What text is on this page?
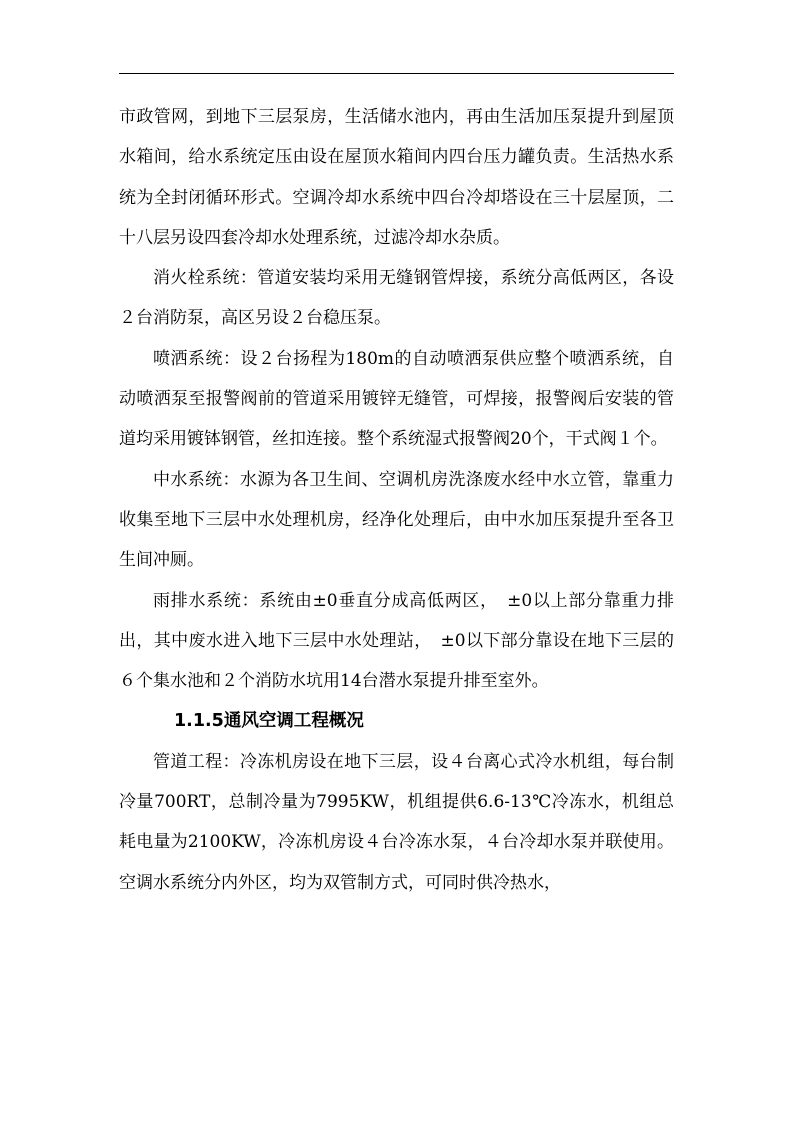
市政管网，到地下三层泵房，生活储水池内，再由生活加压泵提升到屋顶水箱间，给水系统定压由设在屋顶水箱间内四台压力罐负责。生活热水系统为全封闭循环形式。空调冷却水系统中四台冷却塔设在三十层屋顶，二十八层另设四套冷却水处理系统，过滤冷却水杂质。

消火栓系统：管道安装均采用无缝钢管焊接，系统分高低两区，各设２台消防泵，高区另设２台稳压泵。

喷洒系统：设２台扬程为180m的自动喷洒泵供应整个喷洒系统，自动喷洒泵至报警阀前的管道采用镀锌无缝管，可焊接，报警阀后安装的管道均采用镀钵钢管，丝扣连接。整个系统湿式报警阀20个，干式阀１个。

中水系统：水源为各卫生间、空调机房洗涤废水经中水立管，靠重力收集至地下三层中水处理机房，经净化处理后，由中水加压泵提升至各卫生间冲厕。

雨排水系统：系统由±0垂直分成高低两区，　±0以上部分靠重力排出，其中废水进入地下三层中水处理站，　±0以下部分靠设在地下三层的６个集水池和２个消防水坑用14台潜水泵提升排至室外。

1.1.5通风空调工程概况

管道工程：冷冻机房设在地下三层，设４台离心式冷水机组，每台制冷量700RT，总制冷量为7995KW，机组提供6.6-13℃冷冻水，机组总耗电量为2100KW，冷冻机房设４台冷冻水泵，４台冷却水泵并联使用。空调水系统分内外区，均为双管制方式，可同时供冷热水，
